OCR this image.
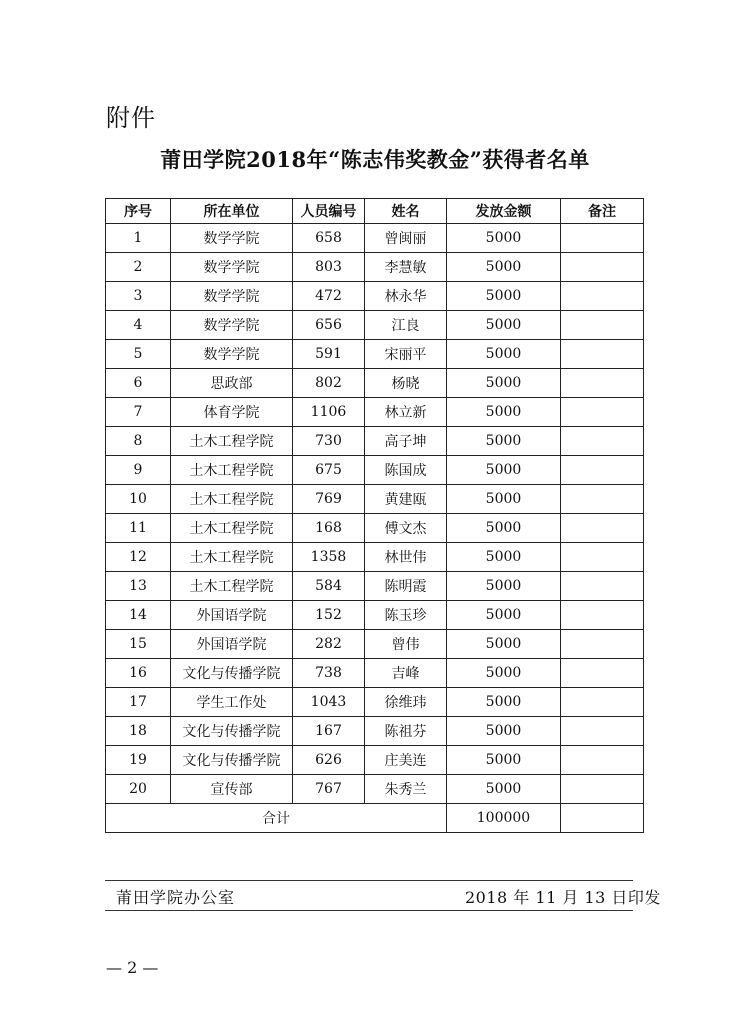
附件
莆田学院2018年“陈志伟奖教金”获得者名单
序号	所在单位	人员编号	姓名	发放金额	备注
1	数学学院	658	曾闽丽	5000	
2	数学学院	803	李慧敏	5000	
3	数学学院	472	林永华	5000	
4	数学学院	656	江良	5000	
5	数学学院	591	宋丽平	5000	
6	思政部	802	杨晓	5000	
7	体育学院	1106	林立新	5000	
8	土木工程学院	730	高子坤	5000	
9	土木工程学院	675	陈国成	5000	
10	土木工程学院	769	黄建瓯	5000	
11	土木工程学院	168	傅文杰	5000	
12	土木工程学院	1358	林世伟	5000	
13	土木工程学院	584	陈明霞	5000	
14	外国语学院	152	陈玉珍	5000	
15	外国语学院	282	曾伟	5000	
16	文化与传播学院	738	吉峰	5000	
17	学生工作处	1043	徐维玮	5000	
18	文化与传播学院	167	陈祖芬	5000	
19	文化与传播学院	626	庄美连	5000	
20	宣传部	767	朱秀兰	5000	
合计				100000	
莆田学院办公室	2018 年 11 月 13 日印发
— 2 —
